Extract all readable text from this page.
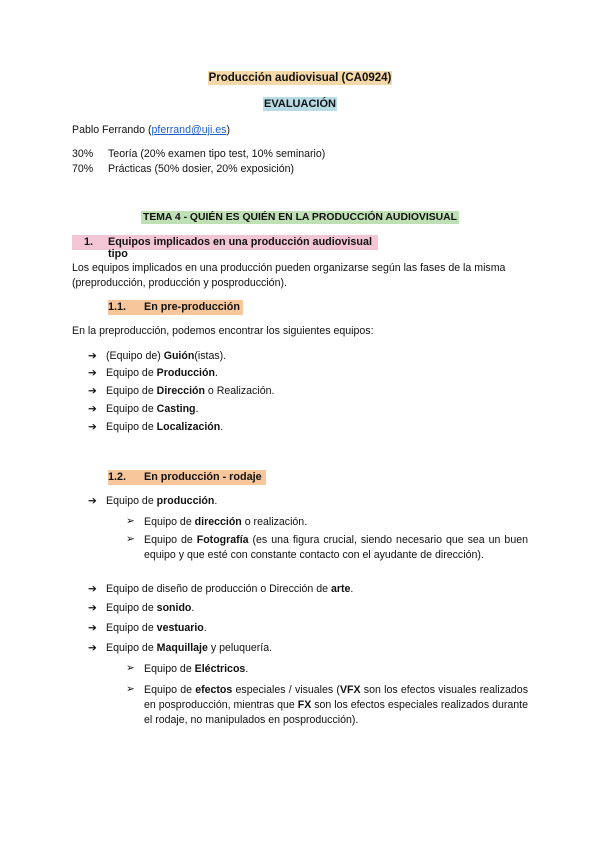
Producción audiovisual (CA0924)
EVALUACIÓN
Pablo Ferrando (pferrand@uji.es)
30% Teoría (20% examen tipo test, 10% seminario)
70% Prácticas (50% dosier, 20% exposición)
TEMA 4 - QUIÉN ES QUIÉN EN LA PRODUCCIÓN AUDIOVISUAL
1. Equipos implicados en una producción audiovisual tipo
Los equipos implicados en una producción pueden organizarse según las fases de la misma (preproducción, producción y posproducción).
1.1. En pre-producción
En la preproducción, podemos encontrar los siguientes equipos:
➔ (Equipo de) Guión(istas).
➔ Equipo de Producción.
➔ Equipo de Dirección o Realización.
➔ Equipo de Casting.
➔ Equipo de Localización.
1.2. En producción - rodaje
➔ Equipo de producción.
➢ Equipo de dirección o realización.
➢ Equipo de Fotografía (es una figura crucial, siendo necesario que sea un buen equipo y que esté con constante contacto con el ayudante de dirección).
➔ Equipo de diseño de producción o Dirección de arte.
➔ Equipo de sonido.
➔ Equipo de vestuario.
➔ Equipo de Maquillaje y peluquería.
➢ Equipo de Eléctricos.
➢ Equipo de efectos especiales / visuales (VFX son los efectos visuales realizados en posproducción, mientras que FX son los efectos especiales realizados durante el rodaje, no manipulados en posproducción).
